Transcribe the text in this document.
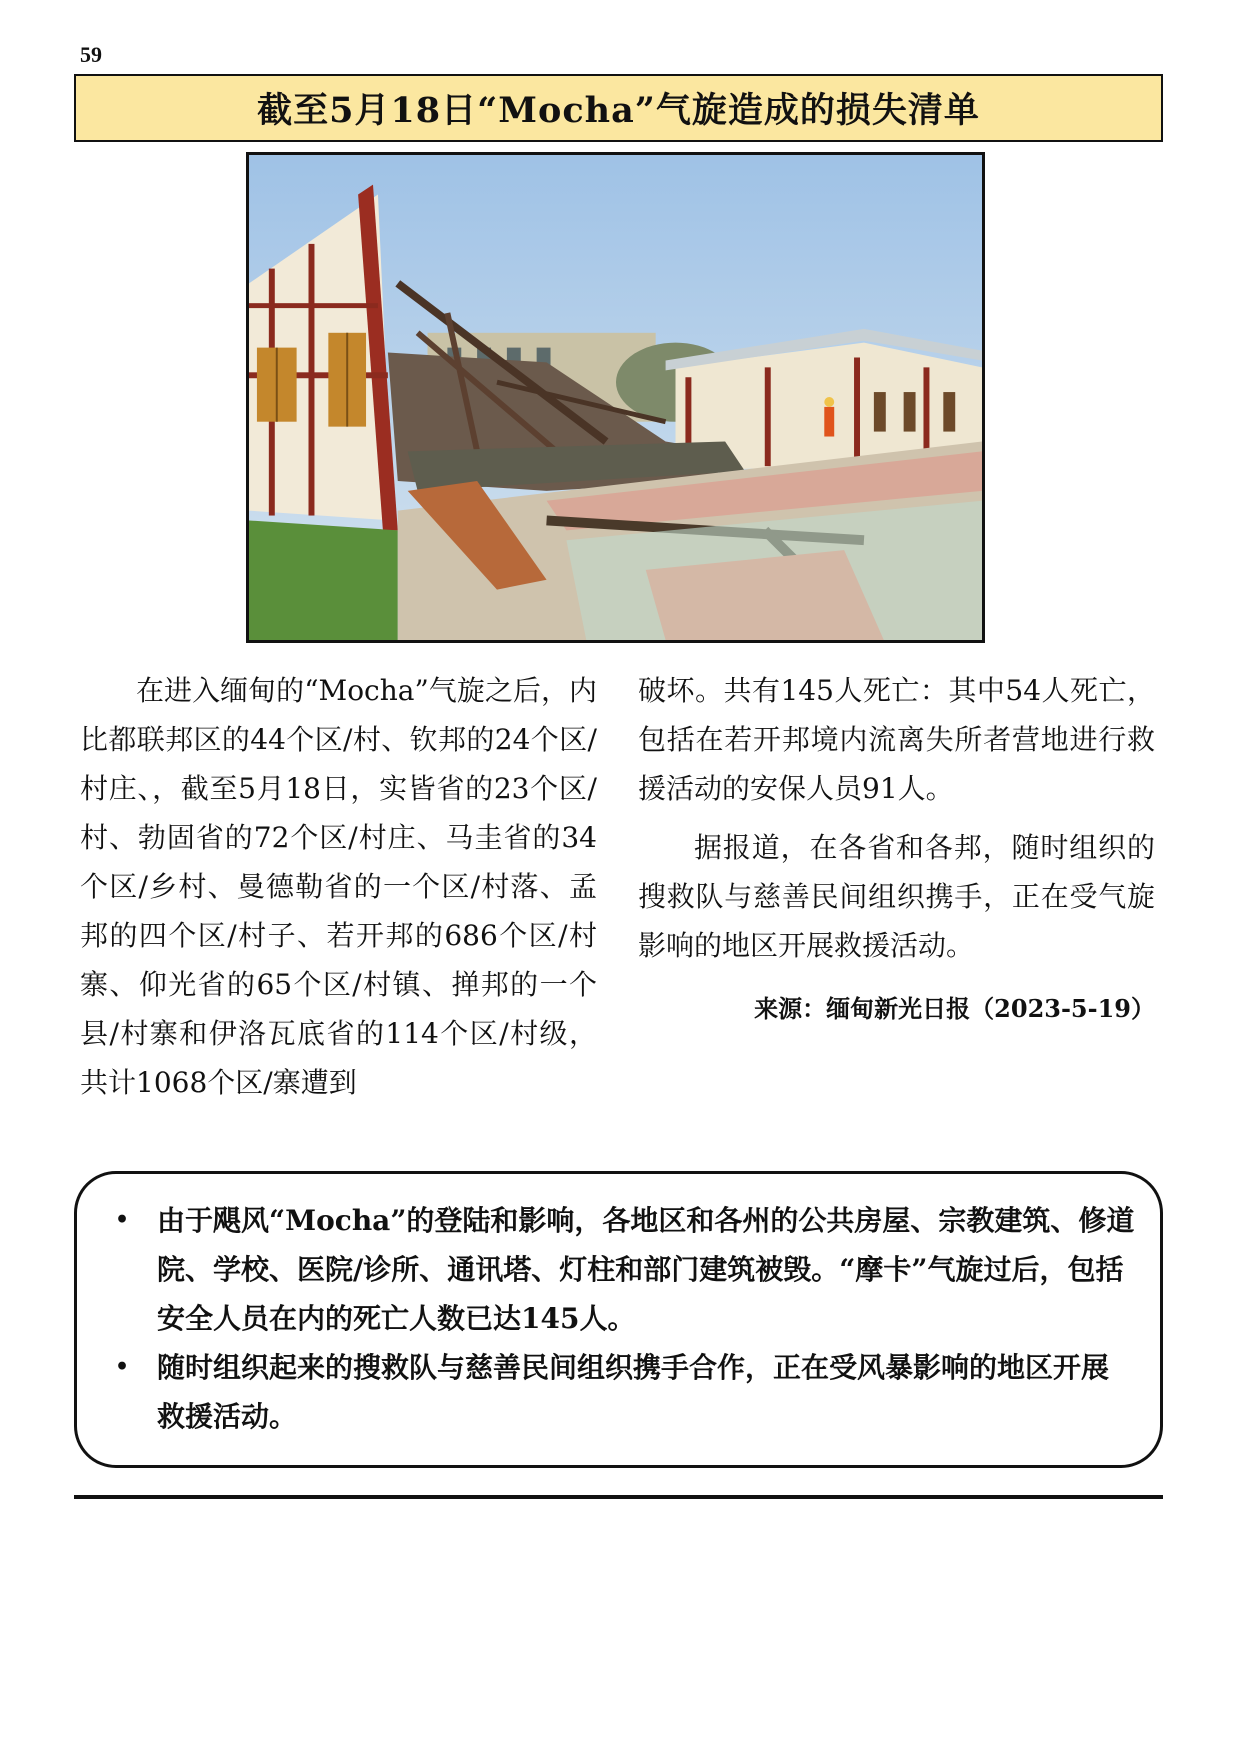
59
截至5月18日“Mocha”气旋造成的损失清单

在进入缅甸的“Mocha”气旋之后，内比都联邦区的44个区/村、钦邦的24个区/村庄、，截至5月18日，实皆省的23个区/村、勃固省的72个区/村庄、马圭省的34个区/乡村、曼德勒省的一个区/村落、孟邦的四个区/村子、若开邦的686个区/村寨、仰光省的65个区/村镇、掸邦的一个县/村寨和伊洛瓦底省的114个区/村级，共计1068个区/寨遭到

破坏。共有145人死亡：其中54人死亡，包括在若开邦境内流离失所者营地进行救援活动的安保人员91人。

据报道，在各省和各邦，随时组织的搜救队与慈善民间组织携手，正在受气旋影响的地区开展救援活动。

来源：缅甸新光日报（2023-5-19）
• 由于飓风“Mocha”的登陆和影响，各地区和各州的公共房屋、宗教建筑、修道院、学校、医院/诊所、通讯塔、灯柱和部门建筑被毁。“摩卡”气旋过后，包括安全人员在内的死亡人数已达145人。
• 随时组织起来的搜救队与慈善民间组织携手合作，正在受风暴影响的地区开展救援活动。
